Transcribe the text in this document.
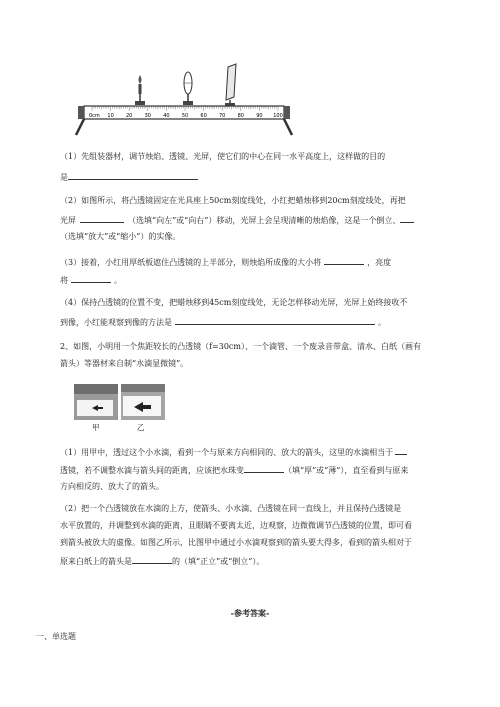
0cm 10 20 30 40 50 60 70 80 90 100
（1）先组装器材，调节烛焰、透镜、光屏，使它们的中心在同一水平高度上，这样做的目的
是
（2）如图所示，将凸透镜固定在光具座上50cm刻度线处，小红把蜡烛移到20cm刻度线处，再把
光屏	（选填“向左”或“向右”）移动，光屏上会呈现清晰的烛焰像，这是一个倒立、
（选填“放大”或“缩小”）的实像。
（3）接着，小红用厚纸板遮住凸透镜的上半部分，则烛焰所成像的大小将	，亮度
将	。
（4）保持凸透镜的位置不变，把蜡烛移到45cm刻度线处，无论怎样移动光屏，光屏上始终接收不
到像，小红能观察到像的方法是	。
2、如图，小明用一个焦距较长的凸透镜（f=30cm）、一个滴管、一个废录音带盒、清水、白纸（画有
箭头）等器材来自制“水滴显微镜”。
甲	乙
（1）用甲中，透过这个小水滴，看到一个与原来方向相同的、放大的箭头，这里的水滴相当于
透镜，若不调整水滴与箭头间的距离，应该把水珠变	（填“厚”或“薄”），直至看到与原来
方向相反的、放大了的箭头。
（2）把一个凸透镜放在水滴的上方，使箭头、小水滴、凸透镜在同一直线上，并且保持凸透镜是
水平放置的，并调整到水滴的距离，且眼睛不要离太近，边观察，边微微调节凸透镜的位置，即可看
到箭头被放大的虚像。如图乙所示，比图甲中通过小水滴观察到的箭头要大得多，看到的箭头相对于
原来白纸上的箭头是	的（填“正立”或“倒立”）。
-参考答案-
一、单选题
